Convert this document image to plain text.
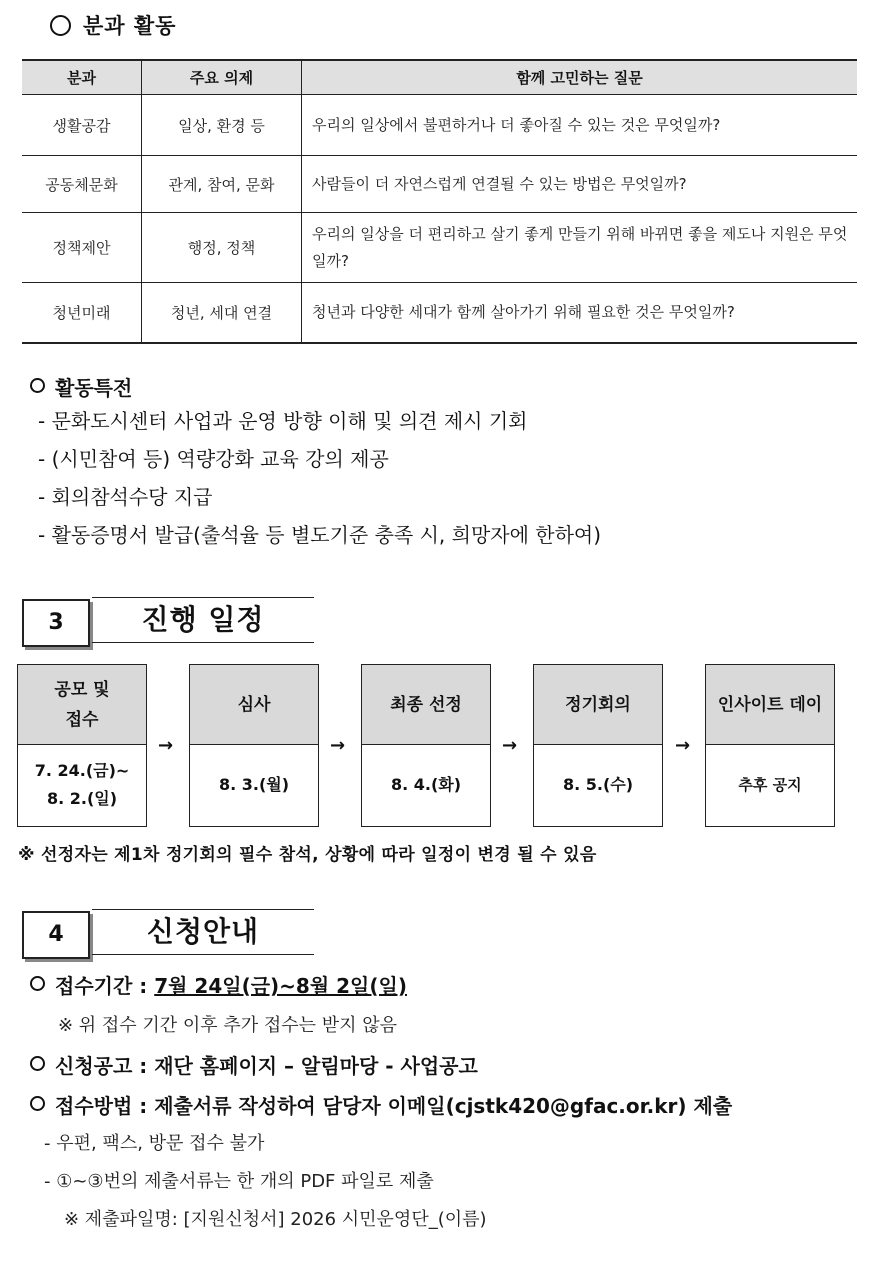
분과 활동
분과	주요 의제	함께 고민하는 질문
생활공감	일상, 환경 등	우리의 일상에서 불편하거나 더 좋아질 수 있는 것은 무엇일까?
공동체문화	관계, 참여, 문화	사람들이 더 자연스럽게 연결될 수 있는 방법은 무엇일까?
정책제안	행정, 정책	우리의 일상을 더 편리하고 살기 좋게 만들기 위해 바뀌면 좋을 제도나 지원은 무엇일까?
청년미래	청년, 세대 연결	청년과 다양한 세대가 함께 살아가기 위해 필요한 것은 무엇일까?
활동특전
- 문화도시센터 사업과 운영 방향 이해 및 의견 제시 기회
- (시민참여 등) 역량강화 교육 강의 제공
- 회의참석수당 지급
- 활동증명서 발급(출석율 등 별도기준 충족 시, 희망자에 한하여)
3	진행 일정
공모 및 접수
7. 24.(금)~ 8. 2.(일)
→
심사
8. 3.(월)
→
최종 선정
8. 4.(화)
→
정기회의
8. 5.(수)
→
인사이트 데이
추후 공지
※ 선정자는 제1차 정기회의 필수 참석, 상황에 따라 일정이 변경 될 수 있음
4	신청안내
접수기간 : 7월 24일(금)~8월 2일(일)
※ 위 접수 기간 이후 추가 접수는 받지 않음
신청공고 : 재단 홈페이지 – 알림마당 - 사업공고
접수방법 : 제출서류 작성하여 담당자 이메일(cjstk420@gfac.or.kr) 제출
- 우편, 팩스, 방문 접수 불가
- ①~③번의 제출서류는 한 개의 PDF 파일로 제출
※ 제출파일명: [지원신청서] 2026 시민운영단_(이름)
